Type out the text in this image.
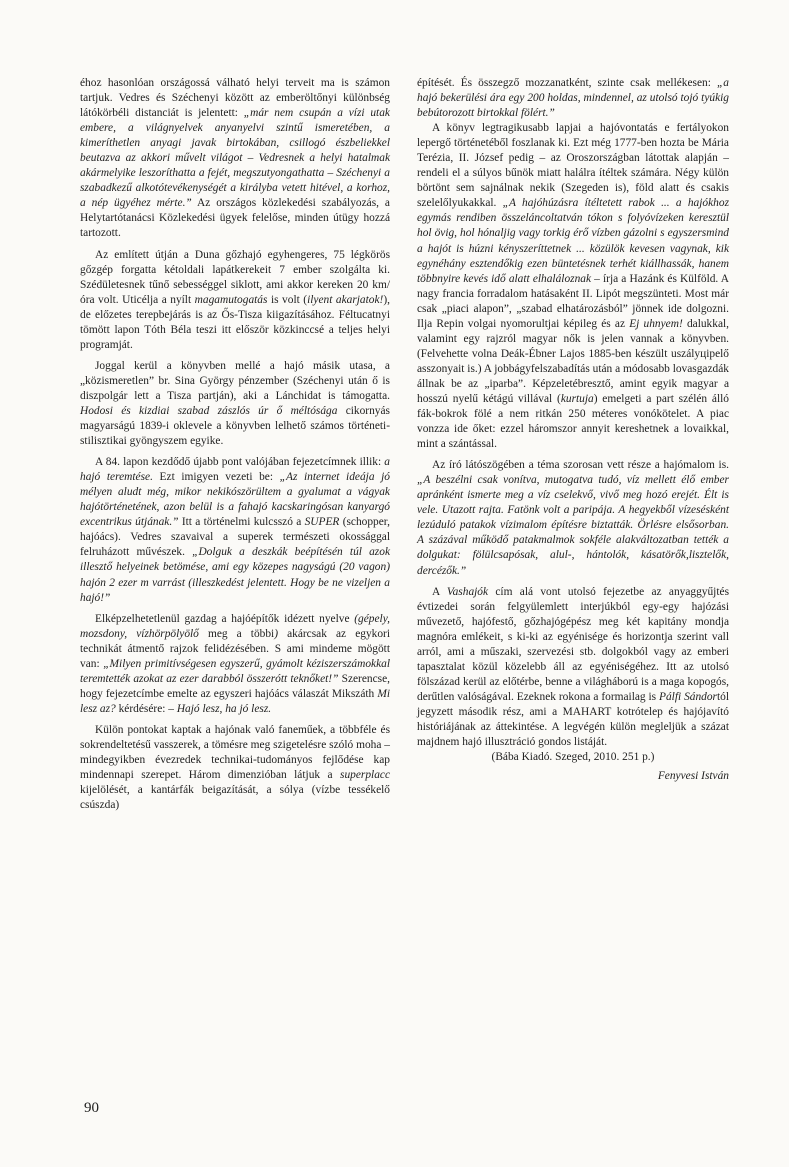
éhoz hasonlóan országossá válható helyi terveit ma is számon tartjuk. Vedres és Széchenyi között az emberöltőnyi különbség látókörbéli distanciát is jelentett: „már nem csupán a vízi utak embere, a világnyelvek anyanyelvi szintű ismeretében, a kimeríthetlen anyagi javak birtokában, csillogó észbeliekkel beutazva az akkori művelt világot – Vedresnek a helyi hatalmak akármelyike leszoríthatta a fejét, megszutyongathatta – Széchenyi a szabadkezű alkotótevékenységét a királyba vetett hitével, a korhoz, a nép ügyéhez mérte.” Az országos közlekedési szabályozás, a Helytartótanácsi Közlekedési ügyek felelőse, minden útügy hozzá tartozott.

Az említett útján a Duna gőzhajó egyhengeres, 75 légkörös gőzgép forgatta kétoldali lapátkerekeit 7 ember szolgálta ki. Szédületesnek tűnő sebességgel siklott, ami akkor kereken 20 km/óra volt. Uticélja a nyílt magamutogatás is volt (ilyent akarjatok!), de előzetes terepbejárás is az Ős-Tisza kiigazításához. Féltucatnyi tömött lapon Tóth Béla teszi itt először közkinccsé a teljes helyi programját.

Joggal kerül a könyvben mellé a hajó másik utasa, a „közismeretlen” br. Sina György pénzember (Széchenyi után ő is diszpolgár lett a Tisza partján), aki a Lánchidat is támogatta. Hodosi és kizdiai szabad zászlós úr ő méltósága cikornyás magyarságú 1839-i oklevele a könyvben lelhető számos történeti-stilisztikai gyöngyszem egyike.

A 84. lapon kezdődő újabb pont valójában fejezetcímnek illik: a hajó teremtése. Ezt imigyen vezeti be: „Az internet ideája jó mélyen aludt még, mikor nekikószörültem a gyalumat a vágyak hajótörténetének, azon belül is a fahajó kacskaringósan kanyargó excentrikus útjának.” Itt a történelmi kulcsszó a SUPER (schopper, hajóács). Vedres szavaival a superek természeti okossággal felruházott művészek. „Dolguk a deszkák beépítésén túl azok illesztő helyeinek betömése, ami egy közepes nagyságú (20 vagon) hajón 2 ezer m varrást (illeszkedést jelentett. Hogy be ne vizeljen a hajó!”

Elképzelhetetlenül gazdag a hajóépítők idézett nyelve (gépely, mozsdony, vízhörpölyölő meg a többi) akárcsak az egykori technikát átmentő rajzok felidézésében. S ami mindeme mögött van: „Milyen primitívségesen egyszerű, gyámolt kéziszerszámokkal teremtették azokat az ezer darabból összerótt teknőket!” Szerencse, hogy fejezetcímbe emelte az egyszeri hajóács válaszát Mikszáth Mi lesz az? kérdésére: – Hajó lesz, ha jó lesz.

Külön pontokat kaptak a hajónak való faneműek, a többféle és sokrendeltetésű vasszerek, a tömésre meg szigetelésre szóló moha – mindegyikben évezredek technikai-tudományos fejlődése kap mindennapi szerepet. Három dimenzióban látjuk a superplacc kijelölését, a kantárfák beigazítását, a sólya (vízbe tessékelő csúszda)

építését. És összegző mozzanatként, szinte csak mellékesen: „a hajó bekerülési ára egy 200 holdas, mindennel, az utolsó tojó tyúkig bebútorozott birtokkal fölért.”

A könyv legtragikusabb lapjai a hajóvontatás e fertályokon lepergő történetéből foszlanak ki. Ezt még 1777-ben hozta be Mária Terézia, II. József pedig – az Oroszországban látottak alapján – rendeli el a súlyos bűnök miatt halálra ítéltek számára. Négy külön börtönt sem sajnálnak nekik (Szegeden is), föld alatt és csakis szelelőlyukakkal. „A hajóhúzásra ítéltetett rabok ... a hajókhoz egymás rendiben összeláncoltatván tókon s folyóvízeken keresztül hol övig, hol hónaljig vagy torkig érő vízben gázolni s egyszersmind a hajót is húzni kényszeríttetnek ... közülök kevesen vagynak, kik egynéhány esztendőkig ezen büntetésnek terhét kiállhassák, hanem többnyire kevés idő alatt elhaláloznak – írja a Hazánk és Külföld. A nagy francia forradalom hatásaként II. Lipót megszünteti. Most már csak „piaci alapon”, „szabad elhatározásból” jönnek ide dolgozni. Ilja Repin volgai nyomorultjai képileg és az Ej uhnyem! dalukkal, valamint egy rajzról magyar nők is jelen vannak a könyvben. (Felvehette volna Deák-Ébner Lajos 1885-ben készült uszályцipelő asszonyait is.) A jobbágyfelszabadítás után a módosabb lovasgazdák állnak be az „iparba”. Képzeletébresztő, amint egyik magyar a hosszú nyelű kétágú villával (kurtuja) emelgeti a part szélén álló fák-bokrok fölé a nem ritkán 250 méteres vonókötelet. A piac vonzza ide őket: ezzel háromszor annyit kereshetnek a lovaikkal, mint a szántással.

Az író látószögében a téma szorosan vett része a hajómalom is. „A beszélni csak vonítva, mutogatva tudó, víz mellett élő ember apránként ismerte meg a víz cselekvő, vivő meg hozó erejét. Élt is vele. Utazott rajta. Fatönk volt a paripája. A hegyekből vízesésként lezúduló patakok vízimalom építésre biztatták. Örlésre elsősorban. A százával működő patakmalmok sokféle alakváltozatban tették a dolgukat: fölülcsapósak, alul-, hántolók, kásatörők,lisztelők, dercézők.”

A Vashajók cím alá vont utolsó fejezetbe az anyaggyűjtés évtizedei során felgyülemlett interjúkból egy-egy hajózási művezető, hajófestő, gőzhajógépész meg két kapitány mondja magnóra emlékeit, s ki-ki az egyénisége és horizontja szerint vall arról, ami a műszaki, szervezési stb. dolgokból vagy az emberi tapasztalat közül közelebb áll az egyéniségéhez. Itt az utolsó fölszázad kerül az előtérbe, benne a világháború is a maga kopogós, derűtlen valóságával. Ezeknek rokona a formailag is Pálfi Sándortól jegyzett második rész, ami a MAHART kotrótelep és hajójavító históriájának az áttekintése. A legvégén külön megleljük a százat majdnem hajó illusztráció gondos listáját.

(Bába Kiadó. Szeged, 2010. 251 p.)

Fenyvesi István

90
